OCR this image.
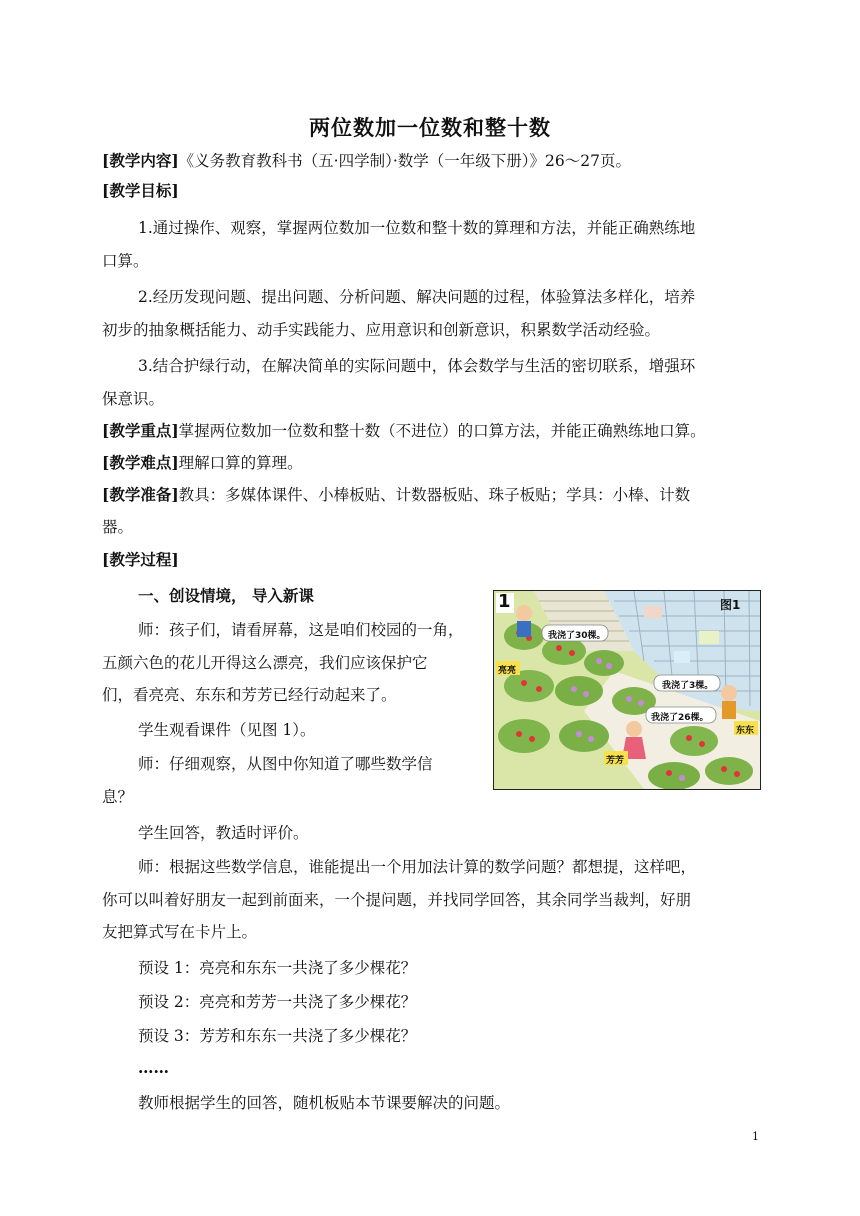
两位数加一位数和整十数
[教学内容]《义务教育教科书（五·四学制）·数学（一年级下册）》26～27页。
[教学目标]
1.通过操作、观察，掌握两位数加一位数和整十数的算理和方法，并能正确熟练地
口算。
2.经历发现问题、提出问题、分析问题、解决问题的过程，体验算法多样化，培养
初步的抽象概括能力、动手实践能力、应用意识和创新意识，积累数学活动经验。
3.结合护绿行动，在解决简单的实际问题中，体会数学与生活的密切联系，增强环
保意识。
[教学重点]掌握两位数加一位数和整十数（不进位）的口算方法，并能正确熟练地口算。
[教学难点]理解口算的算理。
[教学准备]教具：多媒体课件、小棒板贴、计数器板贴、珠子板贴；学具：小棒、计数
器。
[教学过程]
一、创设情境， 导入新课
师：孩子们，请看屏幕，这是咱们校园的一角，
五颜六色的花儿开得这么漂亮，我们应该保护它
们，看亮亮、东东和芳芳已经行动起来了。
学生观看课件（见图 1）。
师：仔细观察，从图中你知道了哪些数学信
息？
学生回答，教适时评价。
师：根据这些数学信息，谁能提出一个用加法计算的数学问题？都想提，这样吧，
你可以叫着好朋友一起到前面来，一个提问题，并找同学回答，其余同学当裁判，好朋
友把算式写在卡片上。
预设 1：亮亮和东东一共浇了多少棵花？
预设 2：亮亮和芳芳一共浇了多少棵花？
预设 3：芳芳和东东一共浇了多少棵花？
……
教师根据学生的回答，随机板贴本节课要解决的问题。
1	图1
我浇了30棵。
我浇了3棵。
我浇了26棵。
亮亮
东东
芳芳
1
